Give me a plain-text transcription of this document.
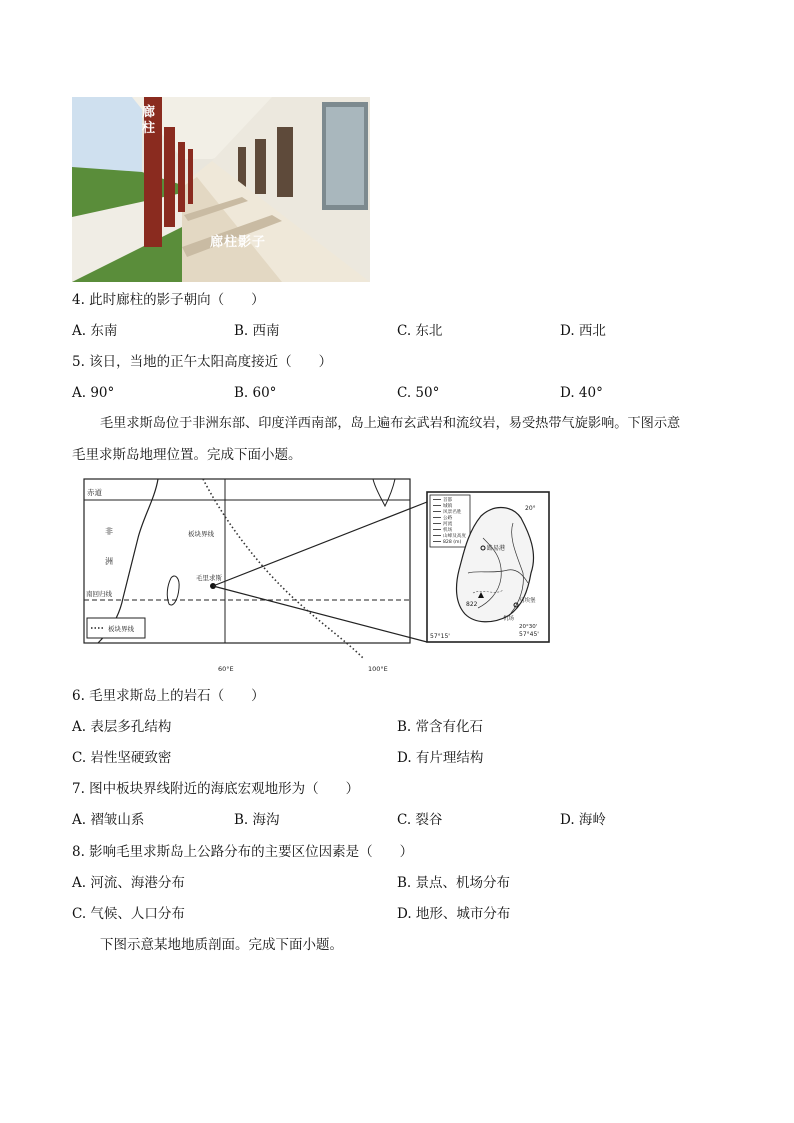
廊柱
廊柱影子
4. 此时廊柱的影子朝向（　　）
A. 东南	B. 西南	C. 东北	D. 西北
5. 该日，当地的正午太阳高度接近（　　）
A. 90°	B. 60°	C. 50°	D. 40°
毛里求斯岛位于非洲东部、印度洋西南部，岛上遍布玄武岩和流纹岩，易受热带气旋影响。下图示意
毛里求斯岛地理位置。完成下面小题。
赤道
非
洲
板块界线
毛里求斯
南回归线
板块界线
60°E	100°E
首都
城镇
风景名胜
公路
河流
机场
山峰及高度
828 (m)
20°
路易港
马埃堡
822
机场
20°30'
57°15'	57°45'
6. 毛里求斯岛上的岩石（　　）
A. 表层多孔结构	B. 常含有化石
C. 岩性坚硬致密	D. 有片理结构
7. 图中板块界线附近的海底宏观地形为（　　）
A. 褶皱山系	B. 海沟	C. 裂谷	D. 海岭
8. 影响毛里求斯岛上公路分布的主要区位因素是（　　）
A. 河流、海港分布	B. 景点、机场分布
C. 气候、人口分布	D. 地形、城市分布
下图示意某地地质剖面。完成下面小题。
